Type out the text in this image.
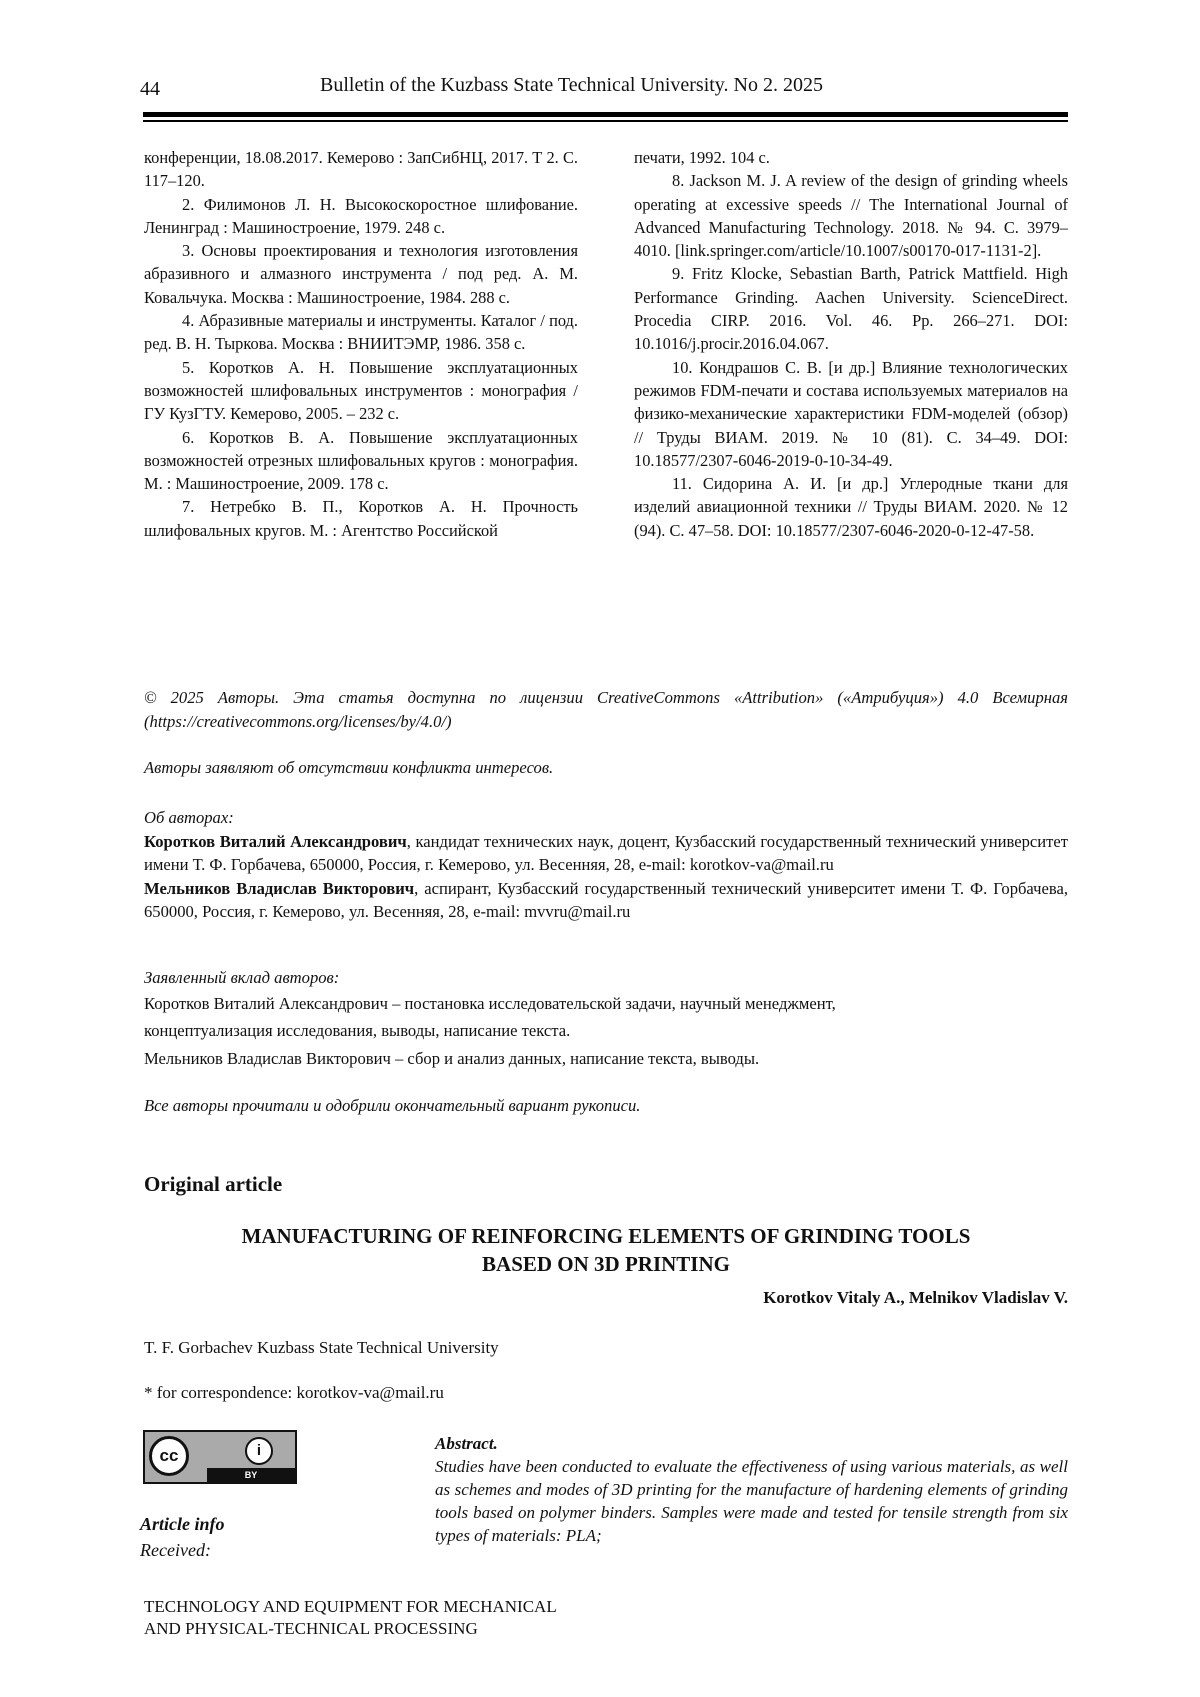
44	Bulletin of the Kuzbass State Technical University. No 2. 2025

конференции, 18.08.2017. Кемерово : ЗапСибНЦ, 2017. Т 2. С. 117–120.

2. Филимонов Л. Н. Высокоскоростное шлифование. Ленинград : Машиностроение, 1979. 248 с.

3. Основы проектирования и технология изготовления абразивного и алмазного инструмента / под ред. А. М. Ковальчука. Москва : Машиностроение, 1984. 288 с.

4. Абразивные материалы и инструменты. Каталог / под. ред. В. Н. Тыркова. Москва : ВНИИТЭМР, 1986. 358 с.

5. Коротков А. Н. Повышение эксплуатационных возможностей шлифовальных инструментов : монография / ГУ КузГТУ. Кемерово, 2005. – 232 с.

6. Коротков В. А. Повышение эксплуатационных возможностей отрезных шлифовальных кругов : монография. М. : Машиностроение, 2009. 178 с.

7. Нетребко В. П., Коротков А. Н. Прочность шлифовальных кругов. М. : Агентство Российской

печати, 1992. 104 с.

8. Jackson M. J. A review of the design of grinding wheels operating at excessive speeds // The International Journal of Advanced Manufacturing Technology. 2018. № 94. С. 3979–4010. [link.springer.com/article/10.1007/s00170-017-1131-2].

9. Fritz Klocke, Sebastian Barth, Patrick Mattfield. High Performance Grinding. Aachen University. ScienceDirect. Procedia CIRP. 2016. Vol. 46. Pp. 266–271. DOI: 10.1016/j.procir.2016.04.067.

10. Кондрашов С. В. [и др.] Влияние технологических режимов FDM-печати и состава используемых материалов на физико-механические характеристики FDM-моделей (обзор) // Труды ВИАМ. 2019. № 10 (81). С. 34–49. DOI: 10.18577/2307-6046-2019-0-10-34-49.

11. Сидорина А. И. [и др.] Углеродные ткани для изделий авиационной техники // Труды ВИАМ. 2020. № 12 (94). С. 47–58. DOI: 10.18577/2307-6046-2020-0-12-47-58.

© 2025 Авторы. Эта статья доступна по лицензии CreativeCommons «Attribution» («Атрибуция») 4.0 Всемирная (https://creativecommons.org/licenses/by/4.0/)

Авторы заявляют об отсутствии конфликта интересов.

Об авторах:

Коротков Виталий Александрович, кандидат технических наук, доцент, Кузбасский государственный технический университет имени Т. Ф. Горбачева, 650000, Россия, г. Кемерово, ул. Весенняя, 28, e-mail: korotkov-va@mail.ru

Мельников Владислав Викторович, аспирант, Кузбасский государственный технический университет имени Т. Ф. Горбачева, 650000, Россия, г. Кемерово, ул. Весенняя, 28, e-mail: mvvru@mail.ru

Заявленный вклад авторов:

Коротков Виталий Александрович – постановка исследовательской задачи, научный менеджмент,
концептуализация исследования, выводы, написание текста.
Мельников Владислав Викторович – сбор и анализ данных, написание текста, выводы.

Все авторы прочитали и одобрили окончательный вариант рукописи.

Original article
MANUFACTURING OF REINFORCING ELEMENTS OF GRINDING TOOLS
BASED ON 3D PRINTING
Korotkov Vitaly A., Melnikov Vladislav V.
T. F. Gorbachev Kuzbass State Technical University
* for correspondence: korotkov-va@mail.ru
cc	i
BY
Article info
Received:
Abstract.

Studies have been conducted to evaluate the effectiveness of using various materials, as well as schemes and modes of 3D printing for the manufacture of hardening elements of grinding tools based on polymer binders. Samples were made and tested for tensile strength from six types of materials: PLA;

TECHNOLOGY AND EQUIPMENT FOR MECHANICAL
AND PHYSICAL-TECHNICAL PROCESSING
